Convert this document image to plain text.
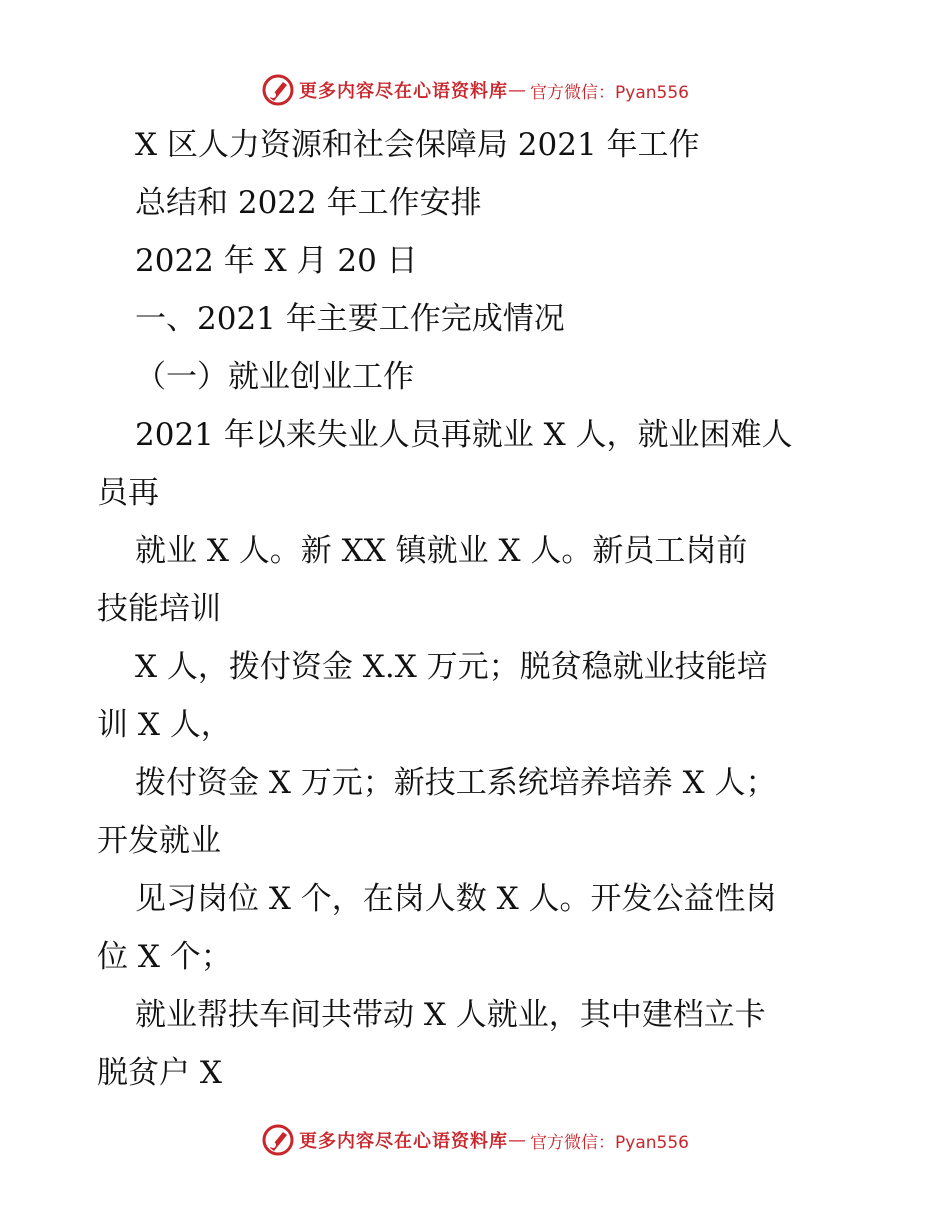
更多内容尽在心语资料库 — 官方微信：Pyan556

X 区人力资源和社会保障局 2021 年工作

总结和 2022 年工作安排

2022 年 X 月 20 日

一、2021 年主要工作完成情况

（一）就业创业工作

2021 年以来失业人员再就业 X 人，就业困难人

员再

就业 X 人。新 XX 镇就业 X 人。新员工岗前

技能培训

X 人，拨付资金 X.X 万元；脱贫稳就业技能培

训 X 人，

拨付资金 X 万元；新技工系统培养培养 X 人；

开发就业

见习岗位 X 个，在岗人数 X 人。开发公益性岗

位 X 个；

就业帮扶车间共带动 X 人就业，其中建档立卡

脱贫户 X

更多内容尽在心语资料库 — 官方微信：Pyan556
